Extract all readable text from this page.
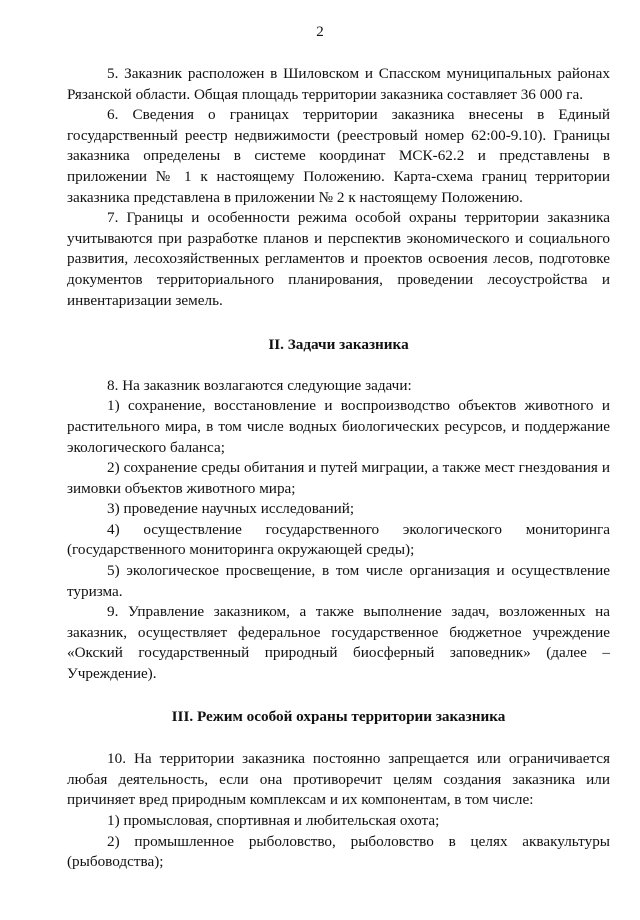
2

5. Заказник расположен в Шиловском и Спасском муниципальных районах Рязанской области. Общая площадь территории заказника составляет 36 000 га.

6. Сведения о границах территории заказника внесены в Единый государственный реестр недвижимости (реестровый номер 62:00-9.10). Границы заказника определены в системе координат МСК-62.2 и представлены в приложении № 1 к настоящему Положению. Карта-схема границ территории заказника представлена в приложении № 2 к настоящему Положению.

7. Границы и особенности режима особой охраны территории заказника учитываются при разработке планов и перспектив экономического и социального развития, лесохозяйственных регламентов и проектов освоения лесов, подготовке документов территориального планирования, проведении лесоустройства и инвентаризации земель.

II. Задачи заказника

8. На заказник возлагаются следующие задачи:

1) сохранение, восстановление и воспроизводство объектов животного и растительного мира, в том числе водных биологических ресурсов, и поддержание экологического баланса;

2) сохранение среды обитания и путей миграции, а также мест гнездования и зимовки объектов животного мира;

3) проведение научных исследований;

4) осуществление государственного экологического мониторинга (государственного мониторинга окружающей среды);

5) экологическое просвещение, в том числе организация и осуществление туризма.

9. Управление заказником, а также выполнение задач, возложенных на заказник, осуществляет федеральное государственное бюджетное учреждение «Окский государственный природный биосферный заповедник» (далее – Учреждение).

III. Режим особой охраны территории заказника

10. На территории заказника постоянно запрещается или ограничивается любая деятельность, если она противоречит целям создания заказника или причиняет вред природным комплексам и их компонентам, в том числе:

1) промысловая, спортивная и любительская охота;

2) промышленное рыболовство, рыболовство в целях аквакультуры (рыбоводства);
